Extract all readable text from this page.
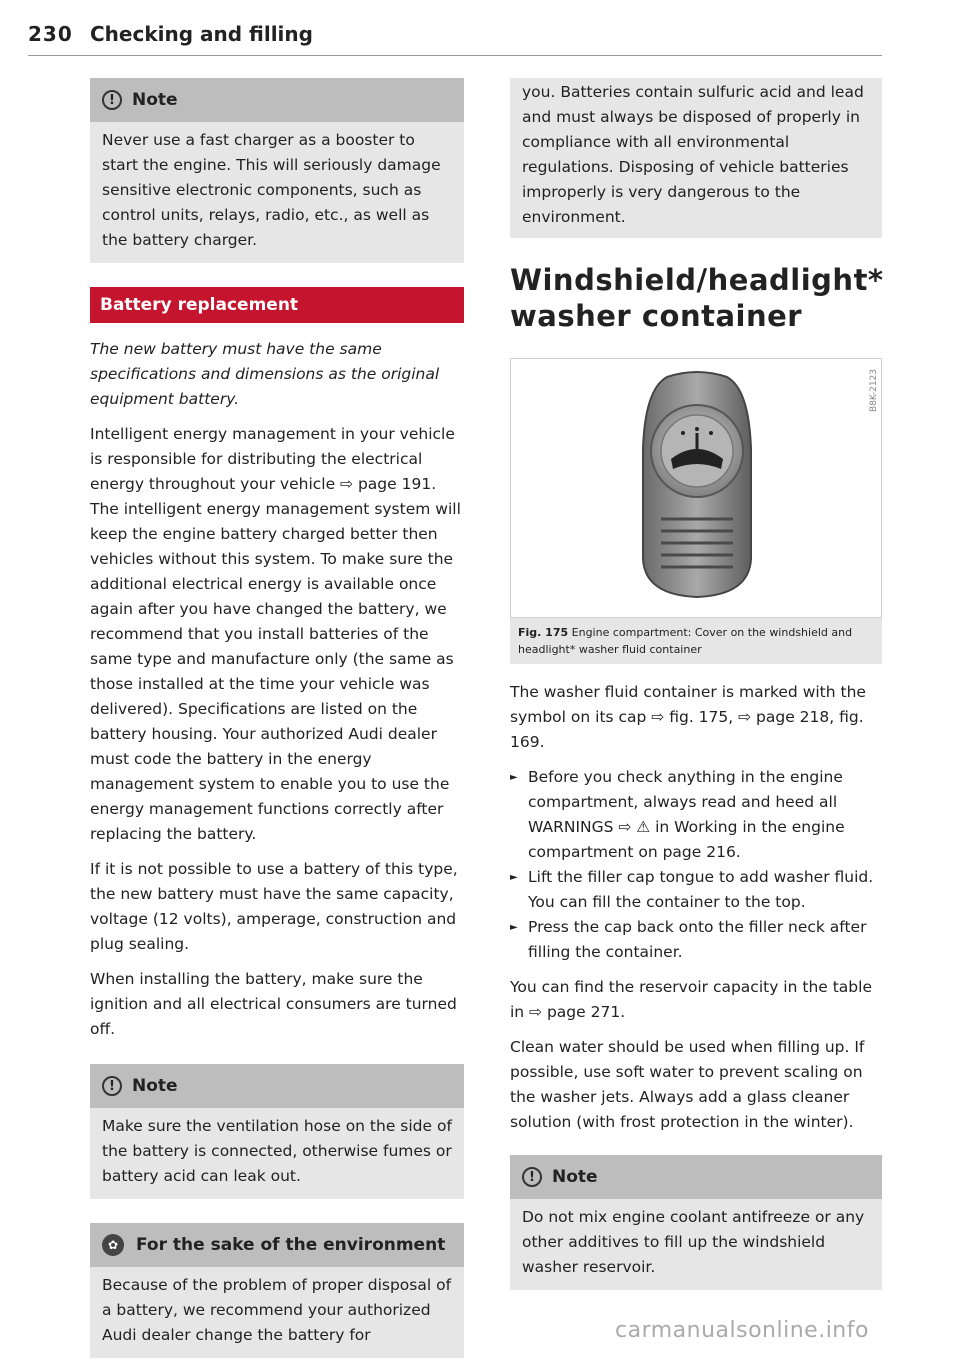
230 Checking and filling
!	Note
Never use a fast charger as a booster to start the engine. This will seriously damage sensitive electronic components, such as control units, relays, radio, etc., as well as the battery charger.
Battery replacement

The new battery must have the same specifications and dimensions as the original equipment battery.

Intelligent energy management in your vehicle is responsible for distributing the electrical energy throughout your vehicle ⇨ page 191. The intelligent energy management system will keep the engine battery charged better then vehicles without this system. To make sure the additional electrical energy is available once again after you have changed the battery, we recommend that you install batteries of the same type and manufacture only (the same as those installed at the time your vehicle was delivered). Specifications are listed on the battery housing. Your authorized Audi dealer must code the battery in the energy management system to enable you to use the energy management functions correctly after replacing the battery.

If it is not possible to use a battery of this type, the new battery must have the same capacity, voltage (12 volts), amperage, construction and plug sealing.

When installing the battery, make sure the ignition and all electrical consumers are turned off.

!	Note
Make sure the ventilation hose on the side of the battery is connected, otherwise fumes or battery acid can leak out.
✿	For the sake of the environment
Because of the problem of proper disposal of a battery, we recommend your authorized Audi dealer change the battery for
you. Batteries contain sulfuric acid and lead and must always be disposed of properly in compliance with all environmental regulations. Disposing of vehicle batteries improperly is very dangerous to the environment.
Windshield/headlight* washer container
B8K-2123
Fig. 175 Engine compartment: Cover on the windshield and headlight* washer fluid container

The washer fluid container is marked with the symbol on its cap ⇨ fig. 175, ⇨ page 218, fig. 169.

► Before you check anything in the engine compartment, always read and heed all WARNINGS ⇨ ⚠ in Working in the engine compartment on page 216.
► Lift the filler cap tongue to add washer fluid. You can fill the container to the top.
► Press the cap back onto the filler neck after filling the container.

You can find the reservoir capacity in the table in ⇨ page 271.

Clean water should be used when filling up. If possible, use soft water to prevent scaling on the washer jets. Always add a glass cleaner solution (with frost protection in the winter).

!	Note
Do not mix engine coolant antifreeze or any other additives to fill up the windshield washer reservoir.
carmanualsonline.info
